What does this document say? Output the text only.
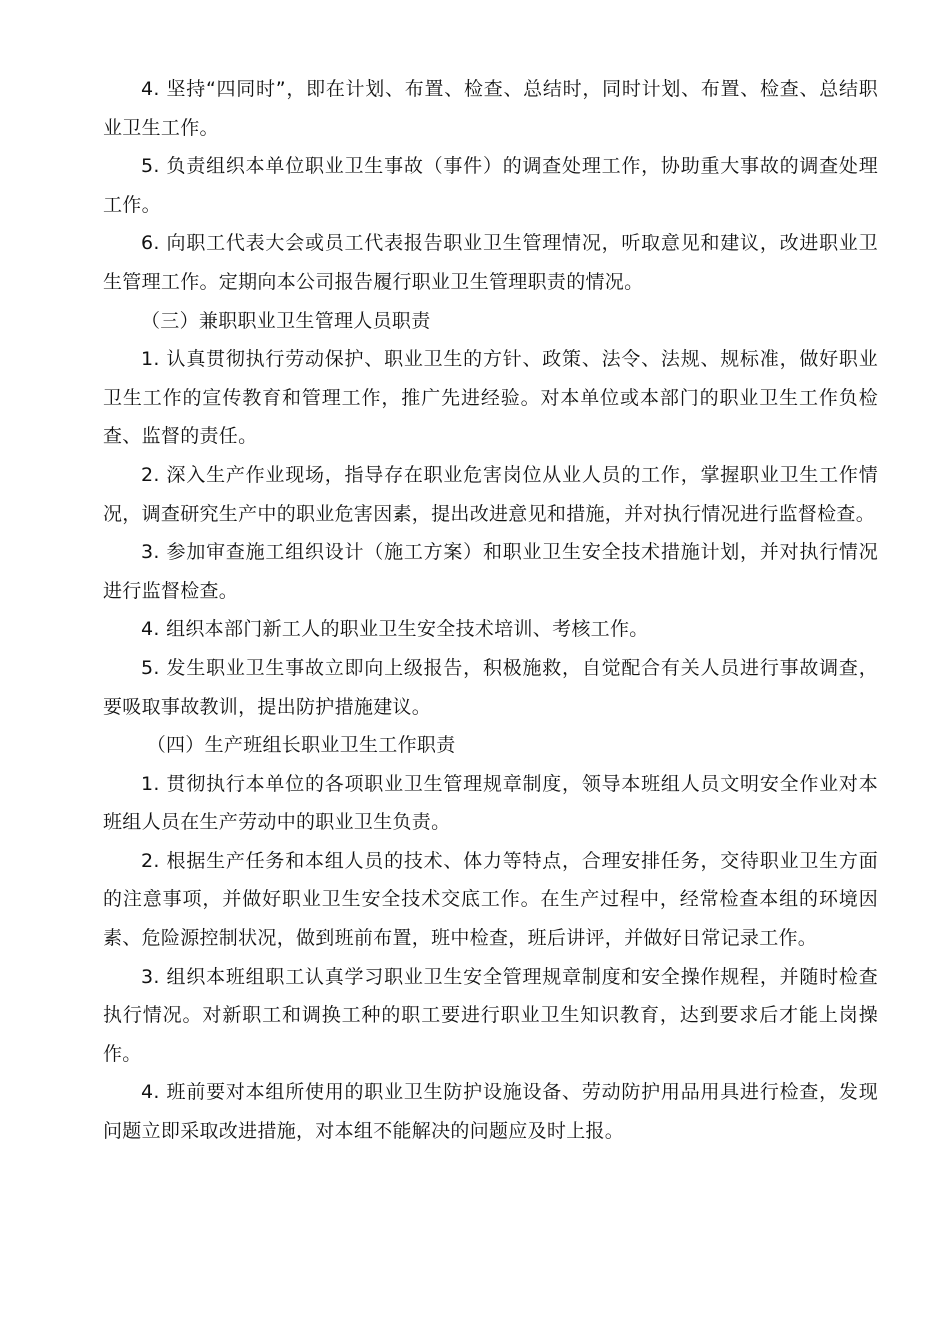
4. 坚持“四同时”，即在计划、布置、检查、总结时，同时计划、布置、检查、总结职业卫生工作。

5. 负责组织本单位职业卫生事故（事件）的调查处理工作，协助重大事故的调查处理工作。

6. 向职工代表大会或员工代表报告职业卫生管理情况，听取意见和建议，改进职业卫生管理工作。定期向本公司报告履行职业卫生管理职责的情况。

（三）兼职职业卫生管理人员职责

1. 认真贯彻执行劳动保护、职业卫生的方针、政策、法令、法规、规标准，做好职业卫生工作的宣传教育和管理工作，推广先进经验。对本单位或本部门的职业卫生工作负检查、监督的责任。

2. 深入生产作业现场，指导存在职业危害岗位从业人员的工作，掌握职业卫生工作情况，调查研究生产中的职业危害因素，提出改进意见和措施，并对执行情况进行监督检查。

3. 参加审查施工组织设计（施工方案）和职业卫生安全技术措施计划，并对执行情况进行监督检查。

4. 组织本部门新工人的职业卫生安全技术培训、考核工作。

5. 发生职业卫生事故立即向上级报告，积极施救，自觉配合有关人员进行事故调查，要吸取事故教训，提出防护措施建议。

（四）生产班组长职业卫生工作职责

1. 贯彻执行本单位的各项职业卫生管理规章制度，领导本班组人员文明安全作业对本班组人员在生产劳动中的职业卫生负责。

2. 根据生产任务和本组人员的技术、体力等特点，合理安排任务，交待职业卫生方面的注意事项，并做好职业卫生安全技术交底工作。在生产过程中，经常检查本组的环境因素、危险源控制状况，做到班前布置，班中检查，班后讲评，并做好日常记录工作。

3. 组织本班组职工认真学习职业卫生安全管理规章制度和安全操作规程，并随时检查执行情况。对新职工和调换工种的职工要进行职业卫生知识教育，达到要求后才能上岗操作。

4. 班前要对本组所使用的职业卫生防护设施设备、劳动防护用品用具进行检查，发现问题立即采取改进措施，对本组不能解决的问题应及时上报。
